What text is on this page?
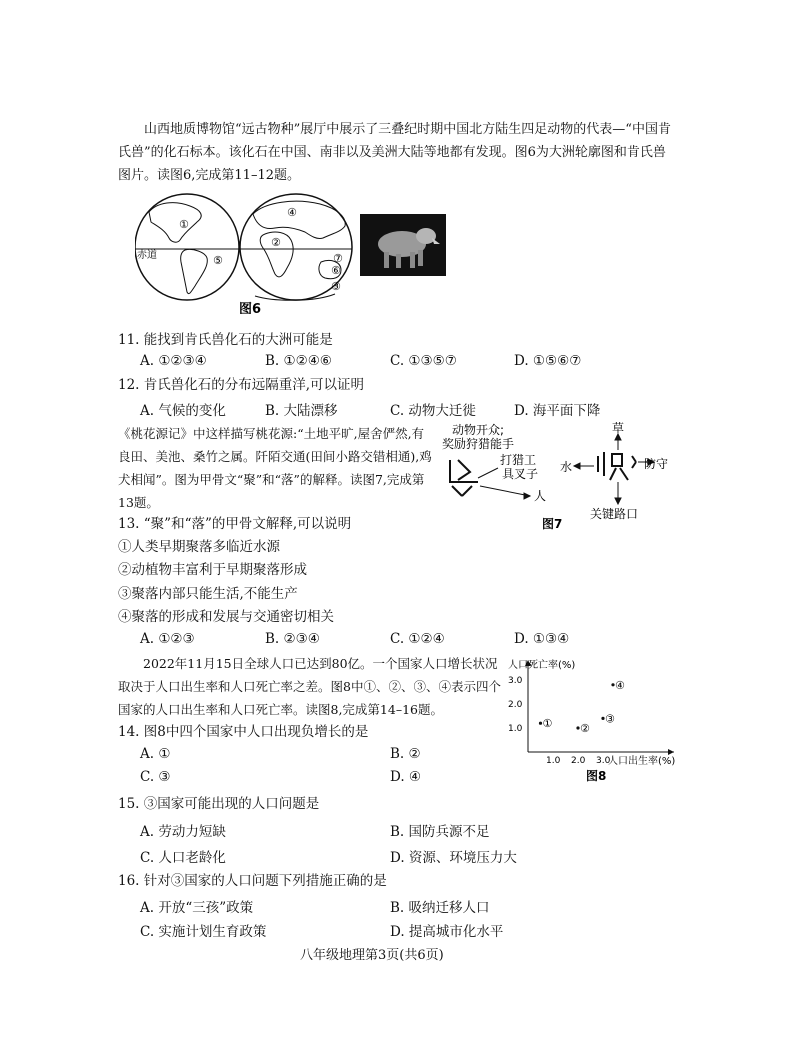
山西地质博物馆“远古物种”展厅中展示了三叠纪时期中国北方陆生四足动物的代表—“中国肯氏兽”的化石标本。该化石在中国、南非以及美洲大陆等地都有发现。图6为大洲轮廓图和肯氏兽图片。读图6,完成第11–12题。
①
②
⑤
④
⑥
③
⑦
赤道
图6
11. 能找到肯氏兽化石的大洲可能是
A. ①②③④	B. ①②④⑥	C. ①③⑤⑦	D. ①⑤⑥⑦
12. 肯氏兽化石的分布远隔重洋,可以证明
A. 气候的变化	B. 大陆漂移	C. 动物大迁徙	D. 海平面下降
《桃花源记》中这样描写桃花源:“土地平旷,屋舍俨然,有良田、美池、桑竹之属。阡陌交通(田间小路交错相通),鸡犬相闻”。图为甲骨文“聚”和“落”的解释。读图7,完成第13题。
动物开众;
奖励狩猎能手
打猎工
具叉子
人
草
水	防守
关键路口
图7
13. “聚”和“落”的甲骨文解释,可以说明
①人类早期聚落多临近水源
②动植物丰富利于早期聚落形成
③聚落内部只能生活,不能生产
④聚落的形成和发展与交通密切相关
A. ①②③	B. ②③④	C. ①②④	D. ①③④
2022年11月15日全球人口已达到80亿。一个国家人口增长状况取决于人口出生率和人口死亡率之差。图8中①、②、③、④表示四个国家的人口出生率和人口死亡率。读图8,完成第14–16题。
人口死亡率(%)
人口出生率(%)
图8
1.0 2.0 3.0
1.0
2.0
3.0
①	②
③
④
14. 图8中四个国家中人口出现负增长的是
A. ①	B. ②
C. ③	D. ④
15. ③国家可能出现的人口问题是
A. 劳动力短缺	B. 国防兵源不足
C. 人口老龄化	D. 资源、环境压力大
16. 针对③国家的人口问题下列措施正确的是
A. 开放“三孩”政策	B. 吸纳迁移人口
C. 实施计划生育政策	D. 提高城市化水平
八年级地理第3页(共6页)
